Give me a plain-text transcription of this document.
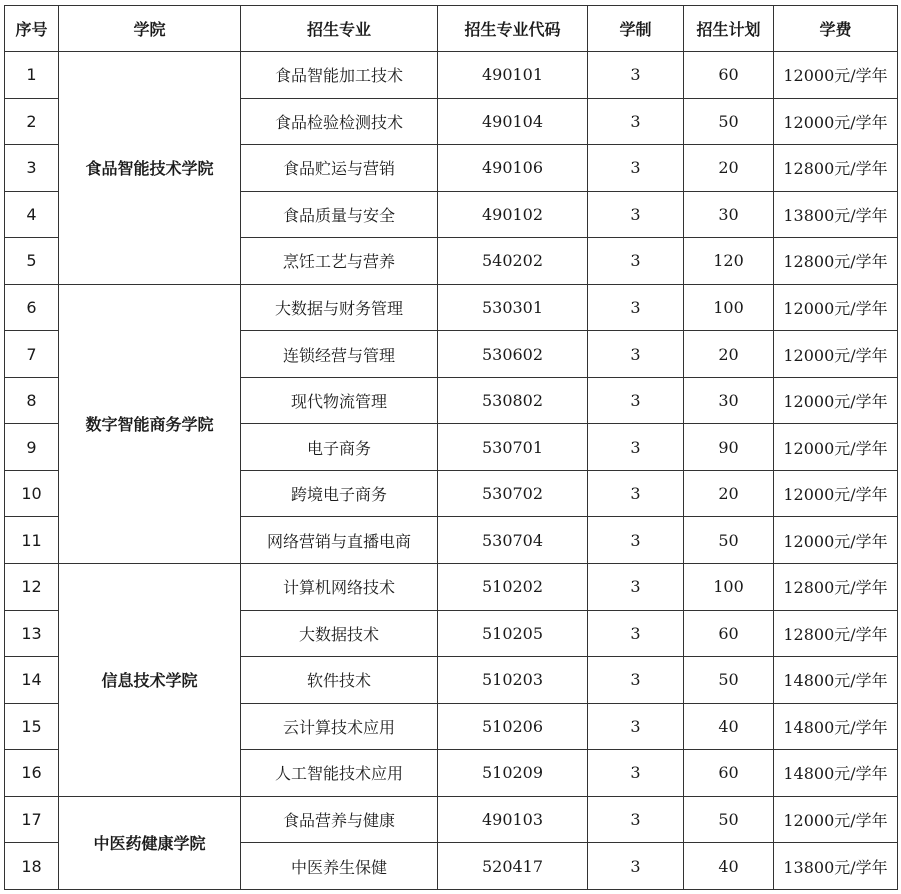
序号	学院	招生专业	招生专业代码	学制	招生计划	学费
1	食品智能技术学院	食品智能加工技术	490101	3	60	12000元/学年
2		食品检验检测技术	490104	3	50	12000元/学年
3		食品贮运与营销	490106	3	20	12800元/学年
4		食品质量与安全	490102	3	30	13800元/学年
5		烹饪工艺与营养	540202	3	120	12800元/学年
6	数字智能商务学院	大数据与财务管理	530301	3	100	12000元/学年
7		连锁经营与管理	530602	3	20	12000元/学年
8		现代物流管理	530802	3	30	12000元/学年
9		电子商务	530701	3	90	12000元/学年
10		跨境电子商务	530702	3	20	12000元/学年
11		网络营销与直播电商	530704	3	50	12000元/学年
12	信息技术学院	计算机网络技术	510202	3	100	12800元/学年
13		大数据技术	510205	3	60	12800元/学年
14		软件技术	510203	3	50	14800元/学年
15		云计算技术应用	510206	3	40	14800元/学年
16		人工智能技术应用	510209	3	60	14800元/学年
17	中医药健康学院	食品营养与健康	490103	3	50	12000元/学年
18		中医养生保健	520417	3	40	13800元/学年
